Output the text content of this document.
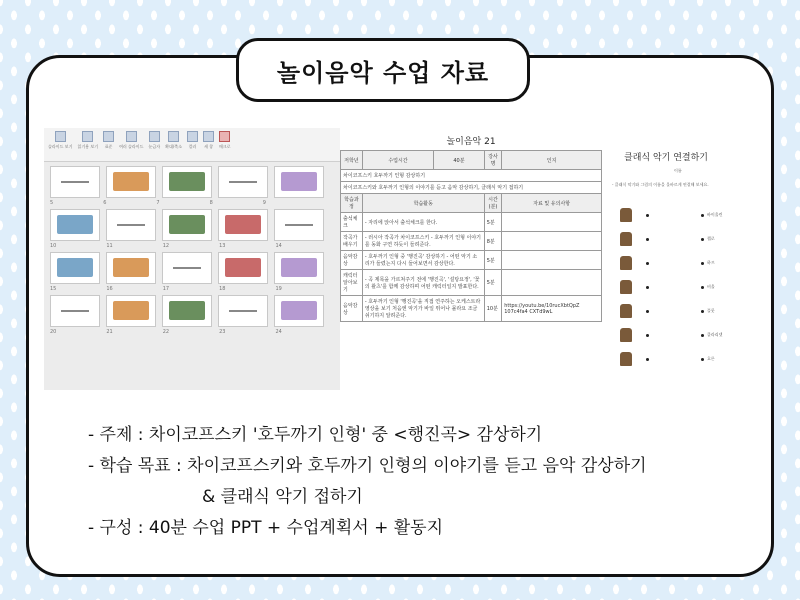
놀이음악 수업 자료
슬라이드 보기 읽기용 보기 표준 여러 슬라이드 눈금자 확대/축소 컬러 새 창 매크로
5	6	7	8	9
10	11	12	13	14
15	16	17	18	19
20	21	22	23	24
놀이음악 21
저학년	수업시간	40분	강사명	인지
차이코프스키 호두까기 인형 감상하기				
차이코프스키와 호두까기 인형의 이야기를 듣고 음악 감상하기, 클래식 악기 접하기				
학습과정	학습활동		시간(분)	자료 및 유의사항
출석체크	- 자리에 앉아서 출석체크를 한다.		5분	
작곡가 배우기	- 러시아 작곡가 차이코프스키 - 호두까기 인형 이야기를 동화 구연 하듯이 들려준다.		8분	
음악감상	- 호두까기 인형 중 '행진곡' 감상하기 - 어떤 악기 소리가 들렸는지 다시 들어보면서 감상한다.		5분	
캐릭터 알아보기	- 곡 제목을 가르쳐주기 전에 '행진곡', '설탕요정', '꽃의 왈츠'를 함께 감상하며 어떤 캐릭터일지 발표한다.		5분	
음악감상	- 호두까기 인형 '행진곡'을 직접 연주하는 오케스트라 영상을 보기 처음엔 악기가 바일 뛰어나 몰라요 조금 쉬기하지 알려준다.		10분	https://youtu.be/10rucXbtQpZ 107c4fa4 CXTd9wL
클래식 악기 연결하기
이름
- 클래식 악기와 그림의 이름을 올바르게 연결해 보세요.
바이올린
첼로
하프
비올
플룻
클라리넷
호른
- 주제 : 차이코프스키 '호두까기 인형' 중 <행진곡> 감상하기
- 학습 목표 : 차이코프스키와 호두까기 인형의 이야기를 듣고 음악 감상하기
& 클래식 악기 접하기
- 구성 : 40분 수업 PPT + 수업계획서 + 활동지
